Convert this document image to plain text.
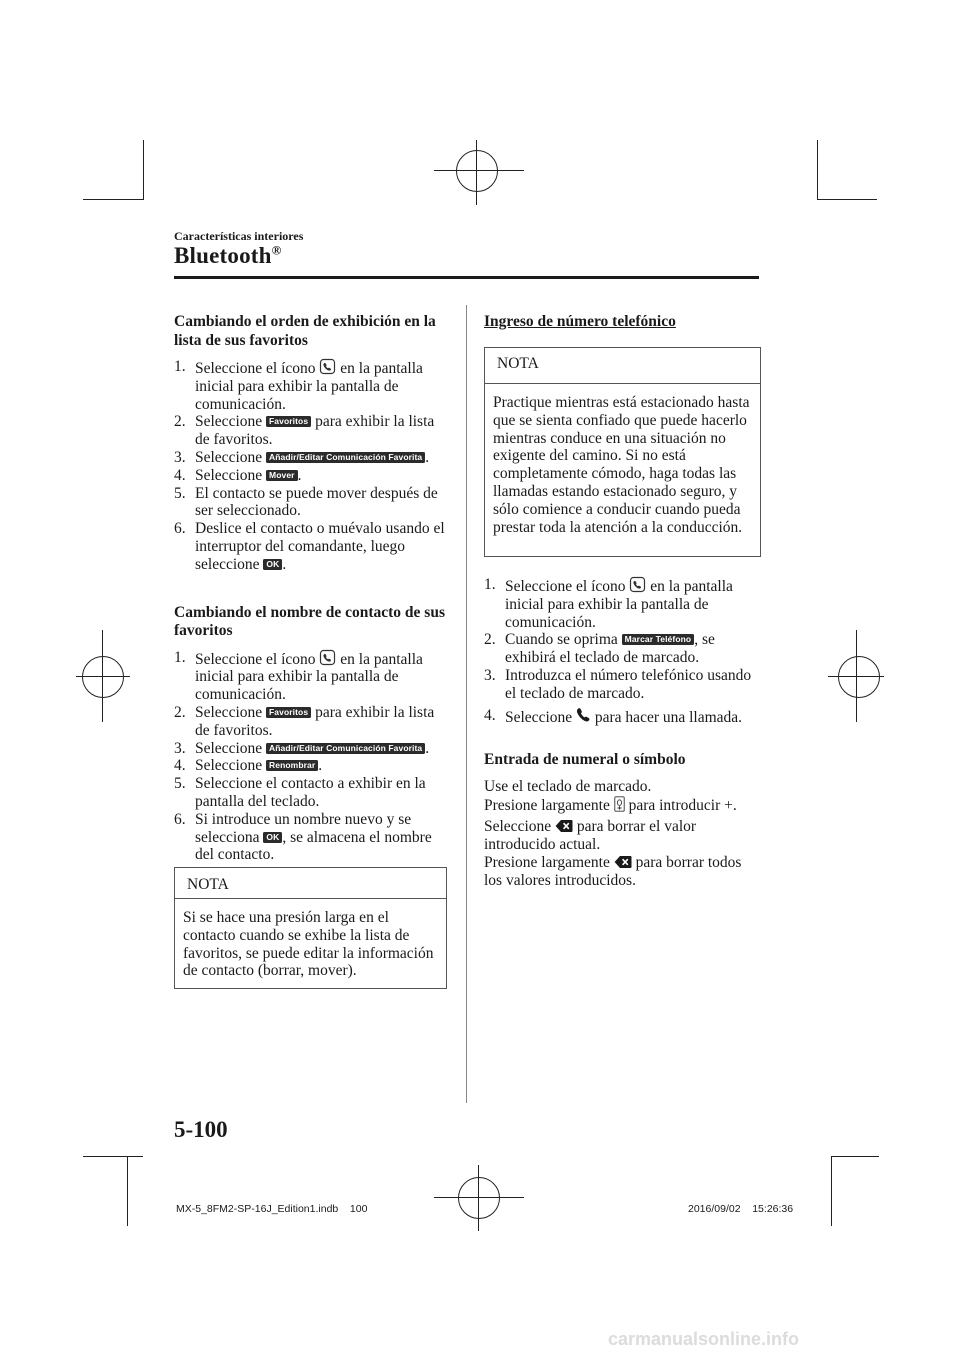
Características interiores
Bluetooth®
Cambiando el orden de exhibición en la lista de sus favoritos
1. Seleccione el ícono  en la pantalla inicial para exhibir la pantalla de comunicación.
2. Seleccione Favoritos para exhibir la lista de favoritos.
3. Seleccione Añadir/Editar Comunicación Favorita .
4. Seleccione Mover .
5. El contacto se puede mover después de ser seleccionado.
6. Deslice el contacto o muévalo usando el interruptor del comandante, luego seleccione OK .
Cambiando el nombre de contacto de sus favoritos
1. Seleccione el ícono  en la pantalla inicial para exhibir la pantalla de comunicación.
2. Seleccione Favoritos para exhibir la lista de favoritos.
3. Seleccione Añadir/Editar Comunicación Favorita .
4. Seleccione Renombrar .
5. Seleccione el contacto a exhibir en la pantalla del teclado.
6. Si introduce un nombre nuevo y se selecciona OK , se almacena el nombre del contacto.
NOTA
Si se hace una presión larga en el contacto cuando se exhibe la lista de favoritos, se puede editar la información de contacto (borrar, mover).
Ingreso de número telefónico
NOTA
Practique mientras está estacionado hasta que se sienta confiado que puede hacerlo mientras conduce en una situación no exigente del camino. Si no está completamente cómodo, haga todas las llamadas estando estacionado seguro, y sólo comience a conducir cuando pueda prestar toda la atención a la conducción.
1. Seleccione el ícono  en la pantalla inicial para exhibir la pantalla de comunicación.
2. Cuando se oprima Marcar Teléfono , se exhibirá el teclado de marcado.
3. Introduzca el número telefónico usando el teclado de marcado.
4. Seleccione  para hacer una llamada.
Entrada de numeral o símbolo
Use el teclado de marcado.
Presione largamente  para introducir +.
Seleccione  para borrar el valor introducido actual.
Presione largamente  para borrar todos los valores introducidos.
5-100
MX-5_8FM2-SP-16J_Edition1.indb    100	2016/09/02    15:26:36
carmanualsonline.info
